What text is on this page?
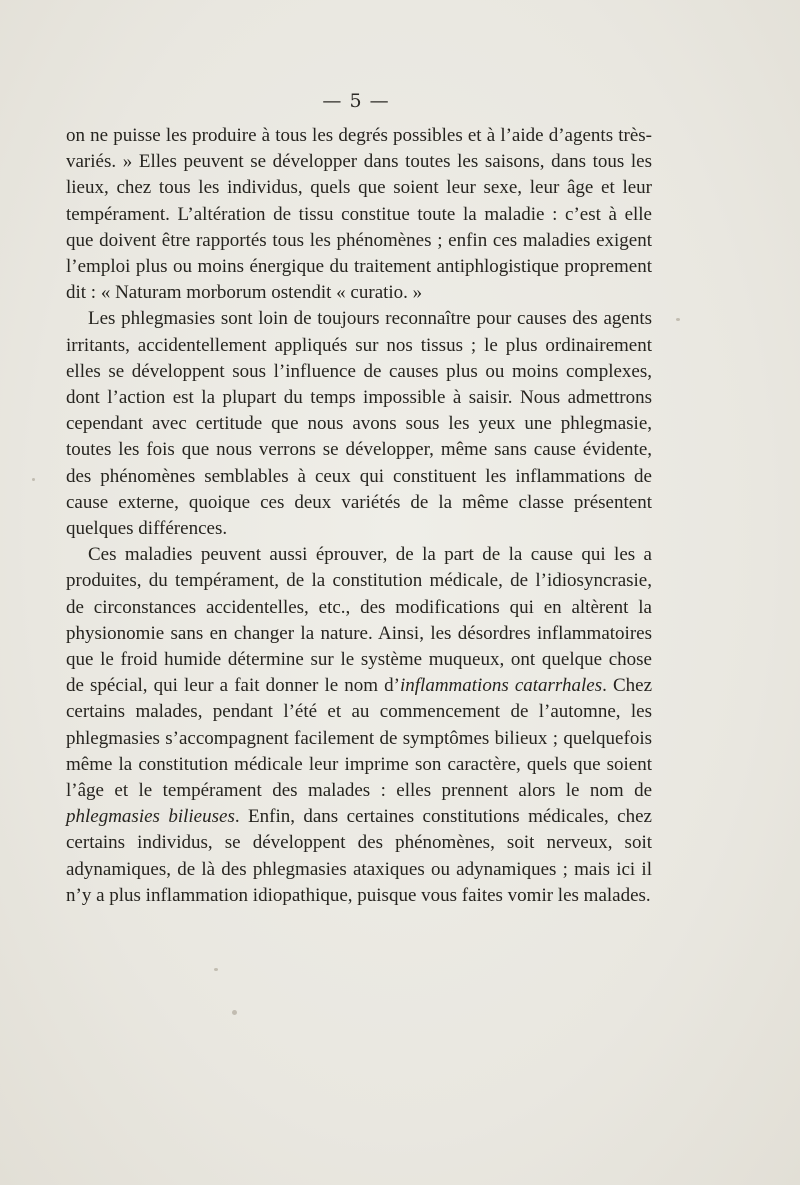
— 5 —

on ne puisse les produire à tous les degrés possibles et à l’aide d’agents très-variés. » Elles peuvent se développer dans toutes les saisons, dans tous les lieux, chez tous les individus, quels que soient leur sexe, leur âge et leur tempérament. L’altération de tissu constitue toute la maladie : c’est à elle que doivent être rapportés tous les phénomènes ; enfin ces maladies exigent l’emploi plus ou moins énergique du traitement antiphlogistique proprement dit : « Naturam morborum ostendit « curatio. »

Les phlegmasies sont loin de toujours reconnaître pour causes des agents irritants, accidentellement appliqués sur nos tissus ; le plus ordinairement elles se développent sous l’influence de causes plus ou moins complexes, dont l’action est la plupart du temps impossible à saisir. Nous admettrons cependant avec certitude que nous avons sous les yeux une phlegmasie, toutes les fois que nous verrons se développer, même sans cause évidente, des phénomènes semblables à ceux qui constituent les inflammations de cause externe, quoique ces deux variétés de la même classe présentent quelques différences.

Ces maladies peuvent aussi éprouver, de la part de la cause qui les a produites, du tempérament, de la constitution médicale, de l’idiosyncrasie, de circonstances accidentelles, etc., des modifications qui en altèrent la physionomie sans en changer la nature. Ainsi, les désordres inflammatoires que le froid humide détermine sur le système muqueux, ont quelque chose de spécial, qui leur a fait donner le nom d’inflammations catarrhales. Chez certains malades, pendant l’été et au commencement de l’automne, les phlegmasies s’accompagnent facilement de symptômes bilieux ; quelquefois même la constitution médicale leur imprime son caractère, quels que soient l’âge et le tempérament des malades : elles prennent alors le nom de phlegmasies bilieuses. Enfin, dans certaines constitutions médicales, chez certains individus, se développent des phénomènes, soit nerveux, soit adynamiques, de là des phlegmasies ataxiques ou adynamiques ; mais ici il n’y a plus inflammation idiopathique, puisque vous faites vomir les malades.
